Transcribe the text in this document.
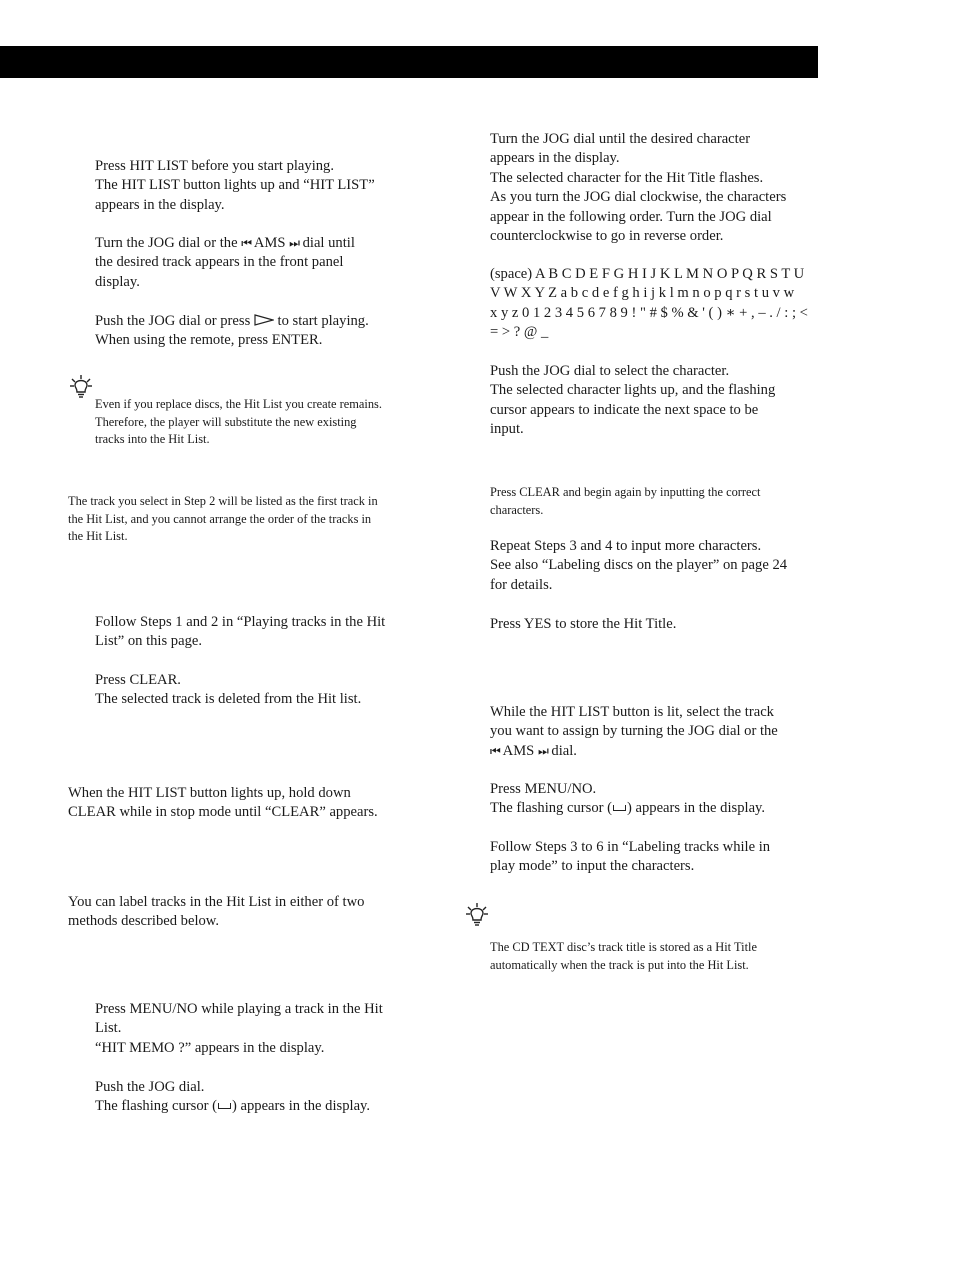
Press HIT LIST before you start playing.
The HIT LIST button lights up and “HIT LIST”
appears in the display.
Turn the JOG dial or the ⏮ AMS ⏭ dial until
the desired track appears in the front panel
display.
Push the JOG dial or press  to start playing.
When using the remote, press ENTER.
Even if you replace discs, the Hit List you create remains.
Therefore, the player will substitute the new existing
tracks into the Hit List.
The track you select in Step 2 will be listed as the first track in
the Hit List, and you cannot arrange the order of the tracks in
the Hit List.
Follow Steps 1 and 2 in “Playing tracks in the Hit
List” on this page.
Press CLEAR.
The selected track is deleted from the Hit list.
When the HIT LIST button lights up, hold down
CLEAR while in stop mode until “CLEAR” appears.
You can label tracks in the Hit List in either of two
methods described below.
Press MENU/NO while playing a track in the Hit
List.
“HIT MEMO ?” appears in the display.
Push the JOG dial.
The flashing cursor ( ) appears in the display.
Turn the JOG dial until the desired character
appears in the display.
The selected character for the Hit Title flashes.
As you turn the JOG dial clockwise, the characters
appear in the following order. Turn the JOG dial
counterclockwise to go in reverse order.
(space) A B C D E F G H I J K L M N O P Q R S T U
V W X Y Z a b c d e f g h i j k l m n o p q r s t u v w
x y z 0 1 2 3 4 5 6 7 8 9 ! " # $ % & ' ( ) ∗ + , – . / : ; <
= > ? @ _
Push the JOG dial to select the character.
The selected character lights up, and the flashing
cursor appears to indicate the next space to be
input.
Press CLEAR and begin again by inputting the correct
characters.
Repeat Steps 3 and 4 to input more characters.
See also “Labeling discs on the player” on page 24
for details.
Press YES to store the Hit Title.
While the HIT LIST button is lit, select the track
you want to assign by turning the JOG dial or the
⏮ AMS ⏭ dial.
Press MENU/NO.
The flashing cursor ( ) appears in the display.
Follow Steps 3 to 6 in “Labeling tracks while in
play mode” to input the characters.
The CD TEXT disc’s track title is stored as a Hit Title
automatically when the track is put into the Hit List.
